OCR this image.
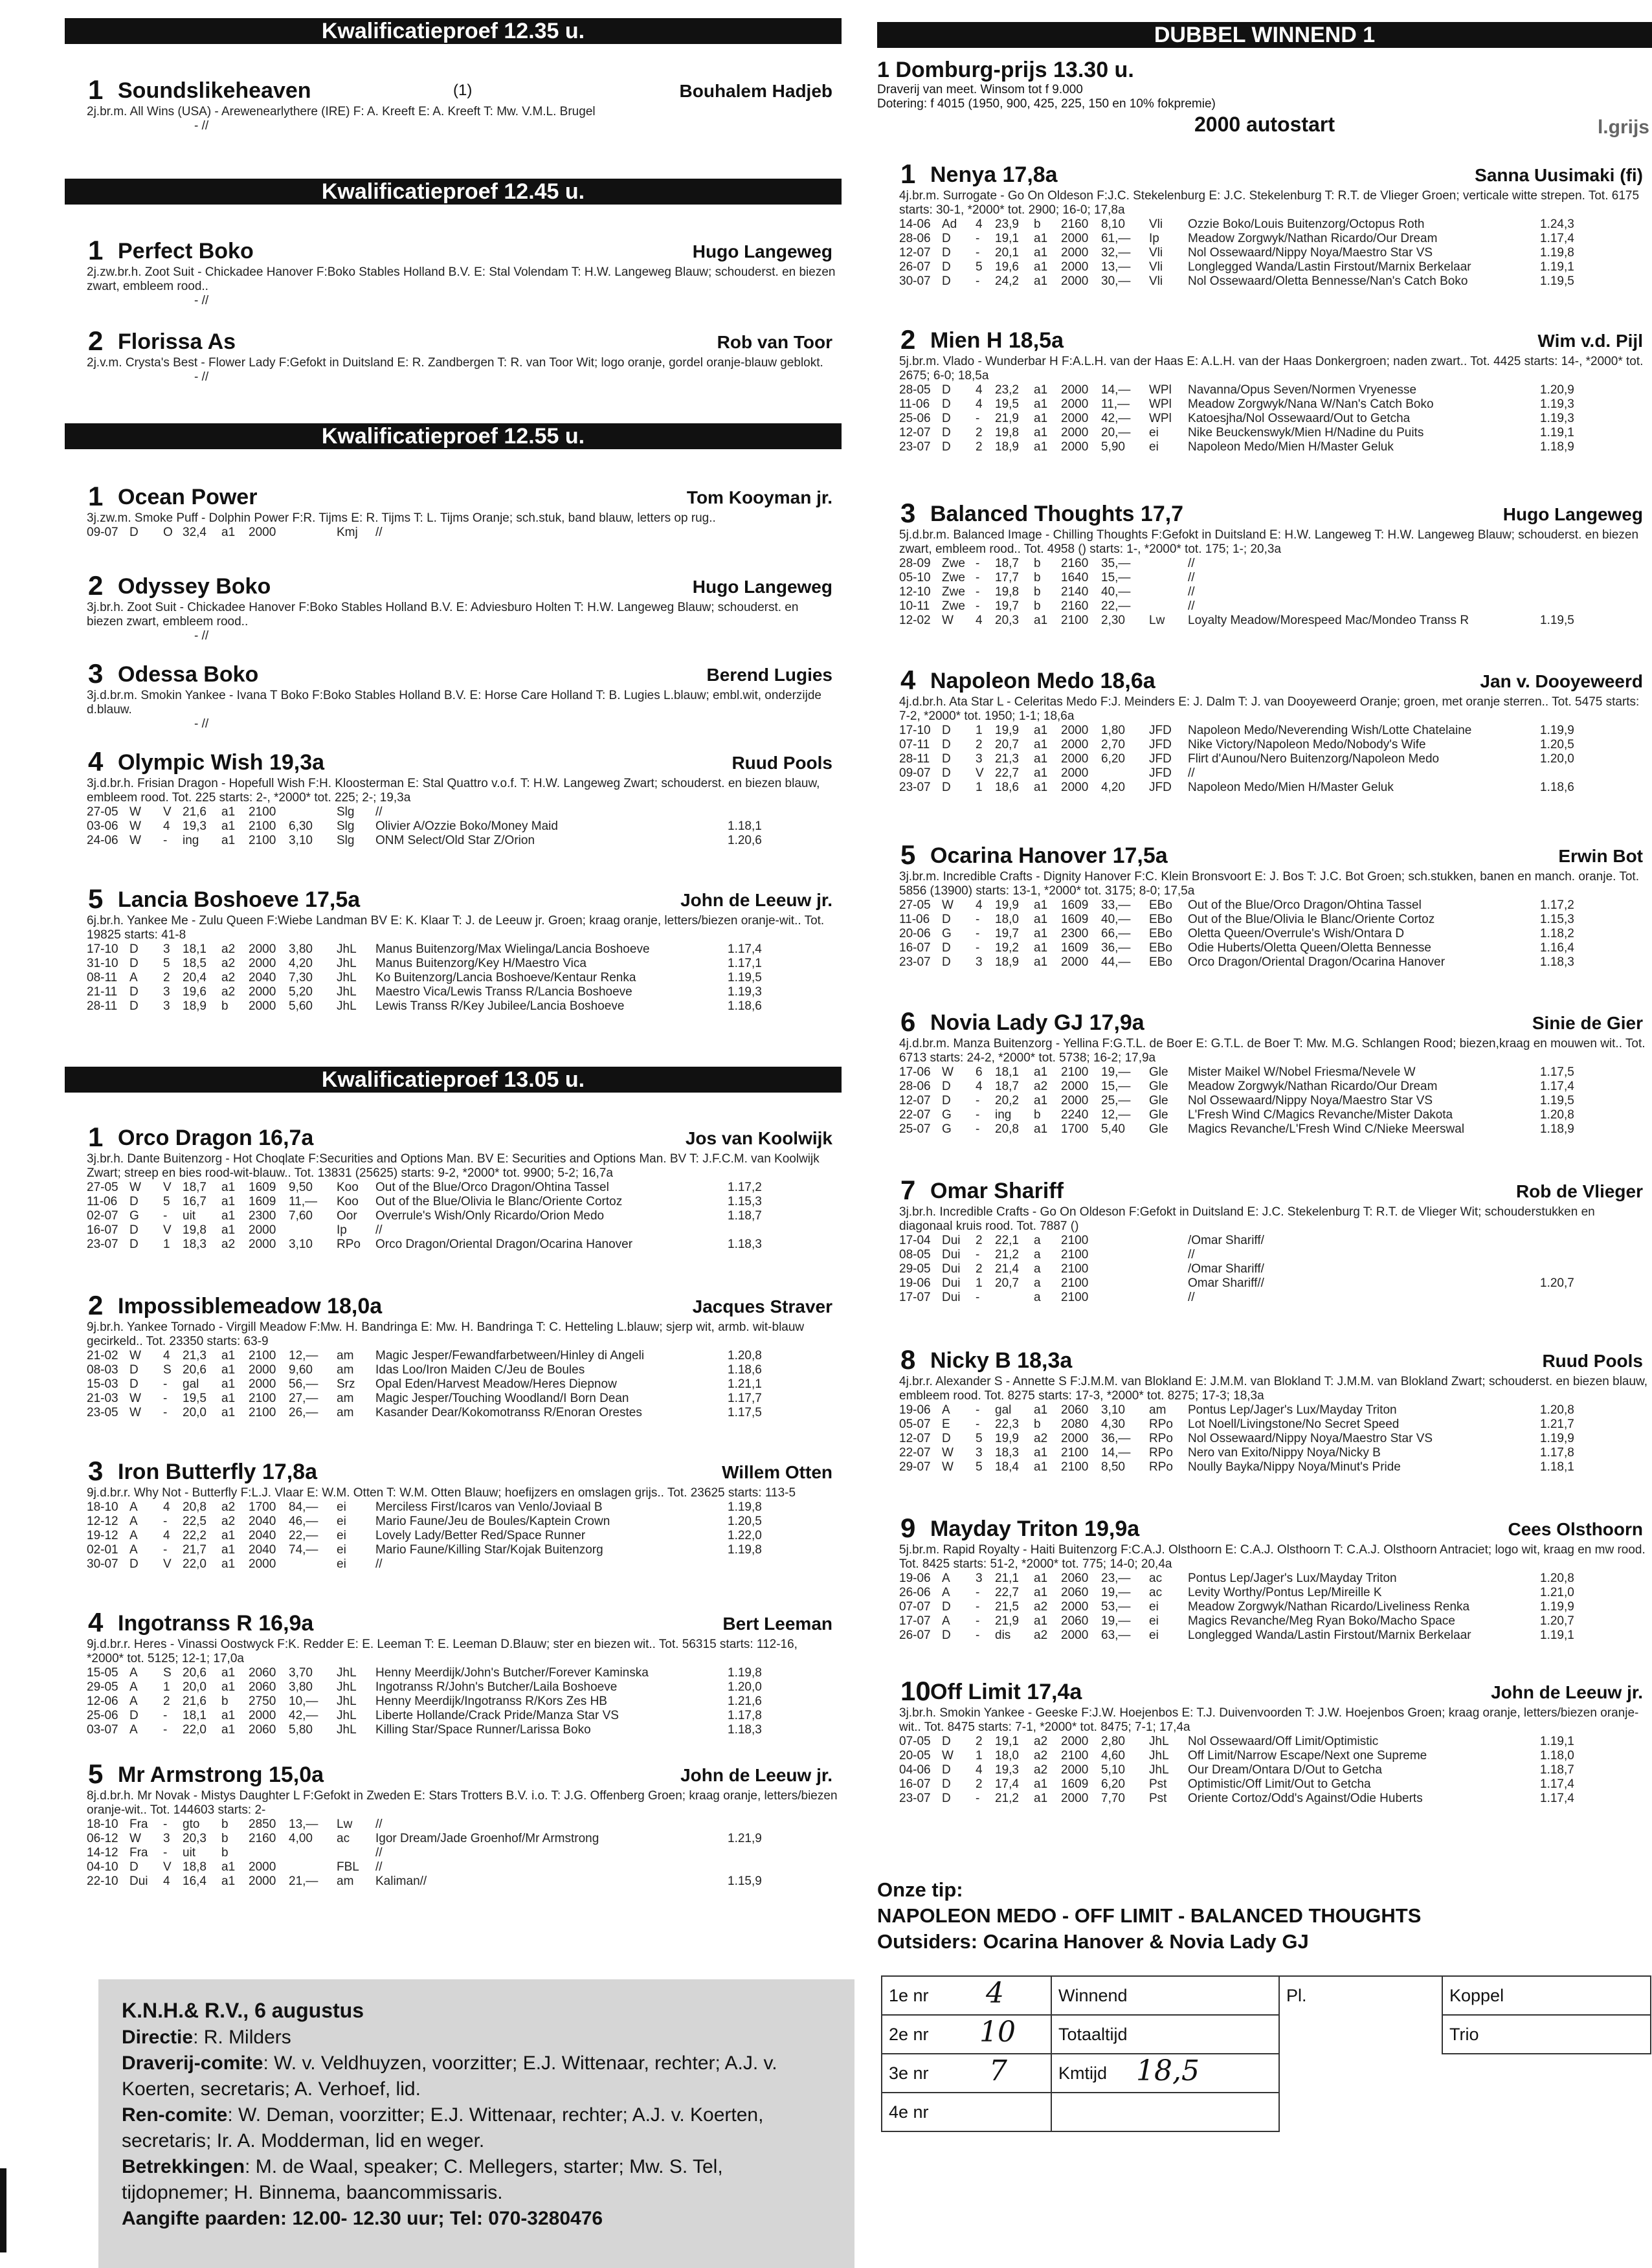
Kwalificatieproef 12.35 u.
1 Soundslikeheaven	(1)	Bouhalem Hadjeb
2j.br.m. All Wins (USA) - Arewenearlythere (IRE) F: A. Kreeft E: A. Kreeft T: Mw. V.M.L. Brugel
- //
Kwalificatieproef 12.45 u.
1 Perfect Boko	Hugo Langeweg
2j.zw.br.h. Zoot Suit - Chickadee Hanover F:Boko Stables Holland B.V. E: Stal Volendam T: H.W. Langeweg Blauw; schouderst. en biezen zwart, embleem rood..
- //
2 Florissa As	Rob van Toor
2j.v.m. Crysta's Best - Flower Lady F:Gefokt in Duitsland E: R. Zandbergen T: R. van Toor Wit; logo oranje, gordel oranje-blauw geblokt.
- //
Kwalificatieproef 12.55 u.
1 Ocean Power	Tom Kooyman jr.
3j.zw.m. Smoke Puff - Dolphin Power F:R. Tijms E: R. Tijms T: L. Tijms Oranje; sch.stuk, band blauw, letters op rug..
09-07	D	O	32,4	a1	2000		Kmj	//	
2 Odyssey Boko	Hugo Langeweg
3j.br.h. Zoot Suit - Chickadee Hanover F:Boko Stables Holland B.V. E: Adviesburo Holten T: H.W. Langeweg Blauw; schouderst. en biezen zwart, embleem rood..
- //
3 Odessa Boko	Berend Lugies
3j.d.br.m. Smokin Yankee - Ivana T Boko F:Boko Stables Holland B.V. E: Horse Care Holland T: B. Lugies L.blauw; embl.wit, onderzijde d.blauw.
- //
4 Olympic Wish 19,3a	Ruud Pools
3j.d.br.h. Frisian Dragon - Hopefull Wish F:H. Kloosterman E: Stal Quattro v.o.f. T: H.W. Langeweg Zwart; schouderst. en biezen blauw, embleem rood. Tot. 225 starts: 2-, *2000* tot. 225; 2-; 19,3a
27-05	W	V	21,6	a1	2100		Slg	//	
03-06	W	4	19,3	a1	2100	6,30	Slg	Olivier A/Ozzie Boko/Money Maid	1.18,1
24-06	W	-	ing	a1	2100	3,10	Slg	ONM Select/Old Star Z/Orion	1.20,6
5 Lancia Boshoeve 17,5a	John de Leeuw jr.
6j.br.h. Yankee Me - Zulu Queen F:Wiebe Landman BV E: K. Klaar T: J. de Leeuw jr. Groen; kraag oranje, letters/biezen oranje-wit.. Tot. 19825 starts: 41-8
17-10	D	3	18,1	a2	2000	3,80	JhL	Manus Buitenzorg/Max Wielinga/Lancia Boshoeve	1.17,4
31-10	D	5	18,5	a2	2000	4,20	JhL	Manus Buitenzorg/Key H/Maestro Vica	1.17,1
08-11	A	2	20,4	a2	2040	7,30	JhL	Ko Buitenzorg/Lancia Boshoeve/Kentaur Renka	1.19,5
21-11	D	3	19,6	a2	2000	5,20	JhL	Maestro Vica/Lewis Transs R/Lancia Boshoeve	1.19,3
28-11	D	3	18,9	b	2000	5,60	JhL	Lewis Transs R/Key Jubilee/Lancia Boshoeve	1.18,6
Kwalificatieproef 13.05 u.
1 Orco Dragon 16,7a	Jos van Koolwijk
3j.br.h. Dante Buitenzorg - Hot Choqlate F:Securities and Options Man. BV E: Securities and Options Man. BV T: J.F.C.M. van Koolwijk Zwart; streep en bies rood-wit-blauw.. Tot. 13831 (25625) starts: 9-2, *2000* tot. 9900; 5-2; 16,7a
27-05	W	V	18,7	a1	1609	9,50	Koo	Out of the Blue/Orco Dragon/Ohtina Tassel	1.17,2
11-06	D	5	16,7	a1	1609	11,—	Koo	Out of the Blue/Olivia le Blanc/Oriente Cortoz	1.15,3
02-07	G	-	uit	a1	2300	7,60	Oor	Overrule's Wish/Only Ricardo/Orion Medo	1.18,7
16-07	D	V	19,8	a1	2000		Ip	//	
23-07	D	1	18,3	a2	2000	3,10	RPo	Orco Dragon/Oriental Dragon/Ocarina Hanover	1.18,3
2 Impossiblemeadow 18,0a	Jacques Straver
9j.br.h. Yankee Tornado - Virgill Meadow F:Mw. H. Bandringa E: Mw. H. Bandringa T: C. Hetteling L.blauw; sjerp wit, armb. wit-blauw gecirkeld.. Tot. 23350 starts: 63-9
21-02	W	4	21,3	a1	2100	12,—	am	Magic Jesper/Fewandfarbetween/Hinley di Angeli	1.20,8
08-03	D	S	20,6	a1	2000	9,60	am	Idas Loo/Iron Maiden C/Jeu de Boules	1.18,6
15-03	D	-	gal	a1	2000	56,—	Srz	Opal Eden/Harvest Meadow/Heres Diepnow	1.21,1
21-03	W	-	19,5	a1	2100	27,—	am	Magic Jesper/Touching Woodland/I Born Dean	1.17,7
23-05	W	-	20,0	a1	2100	26,—	am	Kasander Dear/Kokomotranss R/Enoran Orestes	1.17,5
3 Iron Butterfly 17,8a	Willem Otten
9j.d.br.r. Why Not - Butterfly F:L.J. Vlaar E: W.M. Otten T: W.M. Otten Blauw; hoefijzers en omslagen grijs.. Tot. 23625 starts: 113-5
18-10	A	4	20,8	a2	1700	84,—	ei	Merciless First/Icaros van Venlo/Joviaal B	1.19,8
12-12	A	-	22,5	a2	2040	46,—	ei	Mario Faune/Jeu de Boules/Kaptein Crown	1.20,5
19-12	A	4	22,2	a1	2040	22,—	ei	Lovely Lady/Better Red/Space Runner	1.22,0
02-01	A	-	21,7	a1	2040	74,—	ei	Mario Faune/Killing Star/Kojak Buitenzorg	1.19,8
30-07	D	V	22,0	a1	2000		ei	//	
4 Ingotranss R 16,9a	Bert Leeman
9j.d.br.r. Heres - Vinassi Oostwyck F:K. Redder E: E. Leeman T: E. Leeman D.Blauw; ster en biezen wit.. Tot. 56315 starts: 112-16, *2000* tot. 5125; 12-1; 17,0a
15-05	A	S	20,6	a1	2060	3,70	JhL	Henny Meerdijk/John's Butcher/Forever Kaminska	1.19,8
29-05	A	1	20,0	a1	2060	3,80	JhL	Ingotranss R/John's Butcher/Laila Boshoeve	1.20,0
12-06	A	2	21,6	b	2750	10,—	JhL	Henny Meerdijk/Ingotranss R/Kors Zes HB	1.21,6
25-06	D	-	18,1	a1	2000	42,—	JhL	Liberte Hollande/Crack Pride/Manza Star VS	1.17,8
03-07	A	-	22,0	a1	2060	5,80	JhL	Killing Star/Space Runner/Larissa Boko	1.18,3
5 Mr Armstrong 15,0a	John de Leeuw jr.
8j.d.br.h. Mr Novak - Mistys Daughter L F:Gefokt in Zweden E: Stars Trotters B.V. i.o. T: J.G. Offenberg Groen; kraag oranje, letters/biezen oranje-wit.. Tot. 144603 starts: 2-
18-10	Fra	-	gto	b	2850	13,—	Lw	//	
06-12	W	3	20,3	b	2160	4,00	ac	Igor Dream/Jade Groenhof/Mr Armstrong	1.21,9
14-12	Fra	-	uit	b				//	
04-10	D	V	18,8	a1	2000		FBL	//	
22-10	Dui	4	16,4	a1	2000	21,—	am	Kaliman//	1.15,9
DUBBEL WINNEND 1
1 Domburg-prijs 13.30 u.
Draverij van meet. Winsom tot f 9.000
Dotering: f 4015 (1950, 900, 425, 225, 150 en 10% fokpremie)
2000 autostart	l.grijs
1 Nenya 17,8a	Sanna Uusimaki (fi)
4j.br.m. Surrogate - Go On Oldeson F:J.C. Stekelenburg E: J.C. Stekelenburg T: R.T. de Vlieger Groen; verticale witte strepen. Tot. 6175 starts: 30-1, *2000* tot. 2900; 16-0; 17,8a
14-06	Ad	4	23,9	b	2160	8,10	Vli	Ozzie Boko/Louis Buitenzorg/Octopus Roth	1.24,3
28-06	D	-	19,1	a1	2000	61,—	Ip	Meadow Zorgwyk/Nathan Ricardo/Our Dream	1.17,4
12-07	D	-	20,1	a1	2000	32,—	Vli	Nol Ossewaard/Nippy Noya/Maestro Star VS	1.19,8
26-07	D	5	19,6	a1	2000	13,—	Vli	Longlegged Wanda/Lastin Firstout/Marnix Berkelaar	1.19,1
30-07	D	-	24,2	a1	2000	30,—	Vli	Nol Ossewaard/Oletta Bennesse/Nan's Catch Boko	1.19,5
2 Mien H 18,5a	Wim v.d. Pijl
5j.br.m. Vlado - Wunderbar H F:A.L.H. van der Haas E: A.L.H. van der Haas Donkergroen; naden zwart.. Tot. 4425 starts: 14-, *2000* tot. 2675; 6-0; 18,5a
28-05	D	4	23,2	a1	2000	14,—	WPl	Navanna/Opus Seven/Normen Vryenesse	1.20,9
11-06	D	4	19,5	a1	2000	11,—	WPl	Meadow Zorgwyk/Nana W/Nan's Catch Boko	1.19,3
25-06	D	-	21,9	a1	2000	42,—	WPl	Katoesjha/Nol Ossewaard/Out to Getcha	1.19,3
12-07	D	2	19,8	a1	2000	20,—	ei	Nike Beuckenswyk/Mien H/Nadine du Puits	1.19,1
23-07	D	2	18,9	a1	2000	5,90	ei	Napoleon Medo/Mien H/Master Geluk	1.18,9
3 Balanced Thoughts 17,7	Hugo Langeweg
5j.d.br.m. Balanced Image - Chilling Thoughts F:Gefokt in Duitsland E: H.W. Langeweg T: H.W. Langeweg Blauw; schouderst. en biezen zwart, embleem rood.. Tot. 4958 () starts: 1-, *2000* tot. 175; 1-; 20,3a
28-09	Zwe	-	18,7	b	2160	35,—		//	
05-10	Zwe	-	17,7	b	1640	15,—		//	
12-10	Zwe	-	19,8	b	2140	40,—		//	
10-11	Zwe	-	19,7	b	2160	22,—		//	
12-02	W	4	20,3	a1	2100	2,30	Lw	Loyalty Meadow/Morespeed Mac/Mondeo Transs R	1.19,5
4 Napoleon Medo 18,6a	Jan v. Dooyeweerd
4j.d.br.h. Ata Star L - Celeritas Medo F:J. Meinders E: J. Dalm T: J. van Dooyeweerd Oranje; groen, met oranje sterren.. Tot. 5475 starts: 7-2, *2000* tot. 1950; 1-1; 18,6a
17-10	D	1	19,9	a1	2000	1,80	JFD	Napoleon Medo/Neverending Wish/Lotte Chatelaine	1.19,9
07-11	D	2	20,7	a1	2000	2,70	JFD	Nike Victory/Napoleon Medo/Nobody's Wife	1.20,5
28-11	D	3	21,3	a1	2000	6,20	JFD	Flirt d'Aunou/Nero Buitenzorg/Napoleon Medo	1.20,0
09-07	D	V	22,7	a1	2000		JFD	//	
23-07	D	1	18,6	a1	2000	4,20	JFD	Napoleon Medo/Mien H/Master Geluk	1.18,6
5 Ocarina Hanover 17,5a	Erwin Bot
3j.br.m. Incredible Crafts - Dignity Hanover F:C. Klein Bronsvoort E: J. Bos T: J.C. Bot Groen; sch.stukken, banen en manch. oranje. Tot. 5856 (13900) starts: 13-1, *2000* tot. 3175; 8-0; 17,5a
27-05	W	4	19,9	a1	1609	33,—	EBo	Out of the Blue/Orco Dragon/Ohtina Tassel	1.17,2
11-06	D	-	18,0	a1	1609	40,—	EBo	Out of the Blue/Olivia le Blanc/Oriente Cortoz	1.15,3
20-06	G	-	19,7	a1	2300	66,—	EBo	Oletta Queen/Overrule's Wish/Ontara D	1.18,2
16-07	D	-	19,2	a1	1609	36,—	EBo	Odie Huberts/Oletta Queen/Oletta Bennesse	1.16,4
23-07	D	3	18,9	a1	2000	44,—	EBo	Orco Dragon/Oriental Dragon/Ocarina Hanover	1.18,3
6 Novia Lady GJ 17,9a	Sinie de Gier
4j.d.br.m. Manza Buitenzorg - Yellina F:G.T.L. de Boer E: G.T.L. de Boer T: Mw. M.G. Schlangen Rood; biezen,kraag en mouwen wit.. Tot. 6713 starts: 24-2, *2000* tot. 5738; 16-2; 17,9a
17-06	W	6	18,1	a1	2100	19,—	Gle	Mister Maikel W/Nobel Friesma/Nevele W	1.17,5
28-06	D	4	18,7	a2	2000	15,—	Gle	Meadow Zorgwyk/Nathan Ricardo/Our Dream	1.17,4
12-07	D	-	20,2	a1	2000	25,—	Gle	Nol Ossewaard/Nippy Noya/Maestro Star VS	1.19,5
22-07	G	-	ing	b	2240	12,—	Gle	L'Fresh Wind C/Magics Revanche/Mister Dakota	1.20,8
25-07	G	-	20,8	a1	1700	5,40	Gle	Magics Revanche/L'Fresh Wind C/Nieke Meerswal	1.18,9
7 Omar Shariff	Rob de Vlieger
3j.br.h. Incredible Crafts - Go On Oldeson F:Gefokt in Duitsland E: J.C. Stekelenburg T: R.T. de Vlieger Wit; schouderstukken en diagonaal kruis rood. Tot. 7887 ()
17-04	Dui	2	22,1	a	2100			/Omar Shariff/	
08-05	Dui	-	21,2	a	2100			//	
29-05	Dui	2	21,4	a	2100			/Omar Shariff/	
19-06	Dui	1	20,7	a	2100			Omar Shariff//	1.20,7
17-07	Dui	-		a	2100			//	
8 Nicky B 18,3a	Ruud Pools
4j.br.r. Alexander S - Annette S F:J.M.M. van Blokland E: J.M.M. van Blokland T: J.M.M. van Blokland Zwart; schouderst. en biezen blauw, embleem rood. Tot. 8275 starts: 17-3, *2000* tot. 8275; 17-3; 18,3a
19-06	A	-	gal	a1	2060	3,10	am	Pontus Lep/Jager's Lux/Mayday Triton	1.20,8
05-07	E	-	22,3	b	2080	4,30	RPo	Lot Noell/Livingstone/No Secret Speed	1.21,7
12-07	D	5	19,9	a2	2000	36,—	RPo	Nol Ossewaard/Nippy Noya/Maestro Star VS	1.19,9
22-07	W	3	18,3	a1	2100	14,—	RPo	Nero van Exito/Nippy Noya/Nicky B	1.17,8
29-07	W	5	18,4	a1	2100	8,50	RPo	Noully Bayka/Nippy Noya/Minut's Pride	1.18,1
9 Mayday Triton 19,9a	Cees Olsthoorn
5j.br.m. Rapid Royalty - Haiti Buitenzorg F:C.A.J. Olsthoorn E: C.A.J. Olsthoorn T: C.A.J. Olsthoorn Antraciet; logo wit, kraag en mw rood. Tot. 8425 starts: 51-2, *2000* tot. 775; 14-0; 20,4a
19-06	A	3	21,1	a1	2060	23,—	ac	Pontus Lep/Jager's Lux/Mayday Triton	1.20,8
26-06	A	-	22,7	a1	2060	19,—	ac	Levity Worthy/Pontus Lep/Mireille K	1.21,0
07-07	D	-	21,5	a2	2000	53,—	ei	Meadow Zorgwyk/Nathan Ricardo/Liveliness Renka	1.19,9
17-07	A	-	21,9	a1	2060	19,—	ei	Magics Revanche/Meg Ryan Boko/Macho Space	1.20,7
26-07	D	-	dis	a2	2000	63,—	ei	Longlegged Wanda/Lastin Firstout/Marnix Berkelaar	1.19,1
10 Off Limit 17,4a	John de Leeuw jr.
3j.br.h. Smokin Yankee - Geeske F:J.W. Hoejenbos E: T.J. Duivenvoorden T: J.W. Hoejenbos Groen; kraag oranje, letters/biezen oranje-wit.. Tot. 8475 starts: 7-1, *2000* tot. 8475; 7-1; 17,4a
07-05	D	2	19,1	a2	2000	2,80	JhL	Nol Ossewaard/Off Limit/Optimistic	1.19,1
20-05	W	1	18,0	a2	2100	4,60	JhL	Off Limit/Narrow Escape/Next one Supreme	1.18,0
04-06	D	4	19,3	a2	2000	5,10	JhL	Our Dream/Ontara D/Out to Getcha	1.18,7
16-07	D	2	17,4	a1	1609	6,20	Pst	Optimistic/Off Limit/Out to Getcha	1.17,4
23-07	D	-	21,2	a1	2000	7,70	Pst	Oriente Cortoz/Odd's Against/Odie Huberts	1.17,4
Onze tip:
NAPOLEON MEDO - OFF LIMIT - BALANCED THOUGHTS
Outsiders: Ocarina Hanover & Novia Lady GJ
1e nr 4	Winnend	Pl.	Koppel
2e nr 10	Totaaltijd		Trio
3e nr 7	Kmtijd 18,5		

4e nr			
K.N.H.& R.V., 6 augustus
Directie: R. Milders
Draverij-comite: W. v. Veldhuyzen, voorzitter; E.J. Wittenaar, rechter; A.J. v. Koerten, secretaris; A. Verhoef, lid.
Ren-comite: W. Deman, voorzitter; E.J. Wittenaar, rechter; A.J. v. Koerten, secretaris; Ir. A. Modderman, lid en weger.
Betrekkingen: M. de Waal, speaker; C. Mellegers, starter; Mw. S. Tel, tijdopnemer; H. Binnema, baancommissaris.
Aangifte paarden: 12.00- 12.30 uur; Tel: 070-3280476
